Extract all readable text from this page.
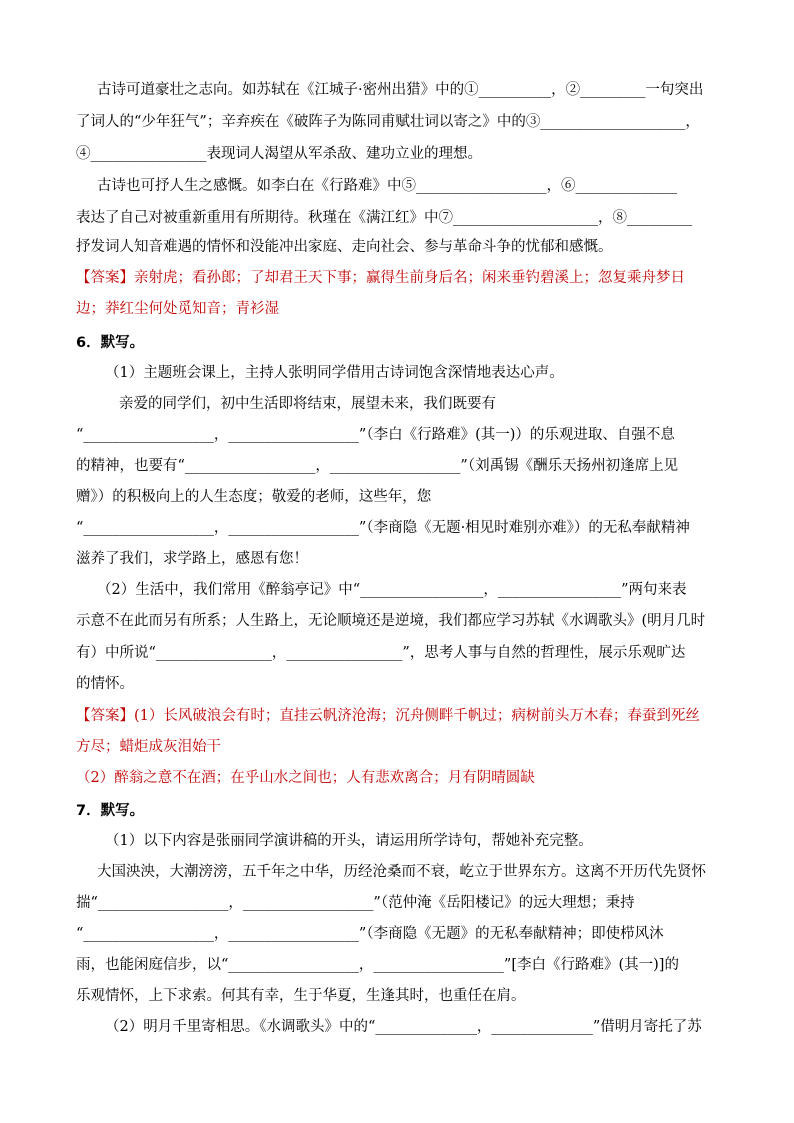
古诗可道豪壮之志向。如苏轼在《江城子·密州出猎》中的①__________，②_________一句突出
了词人的“少年狂气”；辛弃疾在《破阵子为陈同甫赋壮词以寄之》中的③____________________，
④________________表现词人渴望从军杀敌、建功立业的理想。
古诗也可抒人生之感慨。如李白在《行路难》中⑤__________________，⑥______________
表达了自己对被重新重用有所期待。秋瑾在《满江红》中⑦____________________，⑧_________
抒发词人知音难遇的情怀和没能冲出家庭、走向社会、参与革命斗争的忧郁和感慨。
【答案】亲射虎；看孙郎；了却君王天下事；赢得生前身后名；闲来垂钓碧溪上；忽复乘舟梦日
边；莽红尘何处觅知音；青衫湿
6．默写。
（1）主题班会课上，主持人张明同学借用古诗词饱含深情地表达心声。
亲爱的同学们，初中生活即将结束，展望未来，我们既要有
“__________________，__________________”（李白《行路难》(其一)）的乐观进取、自强不息
的精神，也要有“__________________，__________________”（刘禹锡《酬乐天扬州初逢席上见
赠》）的积极向上的人生态度；敬爱的老师，这些年，您
“__________________，__________________”（李商隐《无题·相见时难别亦难》）的无私奉献精神
滋养了我们，求学路上，感恩有您！
（2）生活中，我们常用《醉翁亭记》中“_________________，_________________”两句来表
示意不在此而另有所系；人生路上，无论顺境还是逆境，我们都应学习苏轼《水调歌头》(明月几时
有）中所说“________________，________________”，思考人事与自然的哲理性，展示乐观旷达
的情怀。
【答案】(1）长风破浪会有时；直挂云帆济沧海；沉舟侧畔千帆过；病树前头万木春；春蚕到死丝
方尽；蜡炬成灰泪始干
（2）醉翁之意不在酒；在乎山水之间也；人有悲欢离合；月有阴晴圆缺
7．默写。
（1）以下内容是张丽同学演讲稿的开头，请运用所学诗句，帮她补充完整。
大国泱泱，大潮滂滂，五千年之中华，历经沧桑而不衰，屹立于世界东方。这离不开历代先贤怀
揣“__________________，__________________”（范仲淹《岳阳楼记》的远大理想；秉持
“__________________，__________________”（李商隐《无题》的无私奉献精神；即使栉风沐
雨，也能闲庭信步，以“__________________，__________________”[李白《行路难》(其一)]的
乐观情怀，上下求索。何其有幸，生于华夏，生逢其时，也重任在肩。
（2）明月千里寄相思。《水调歌头》中的“______________，______________”借明月寄托了苏
